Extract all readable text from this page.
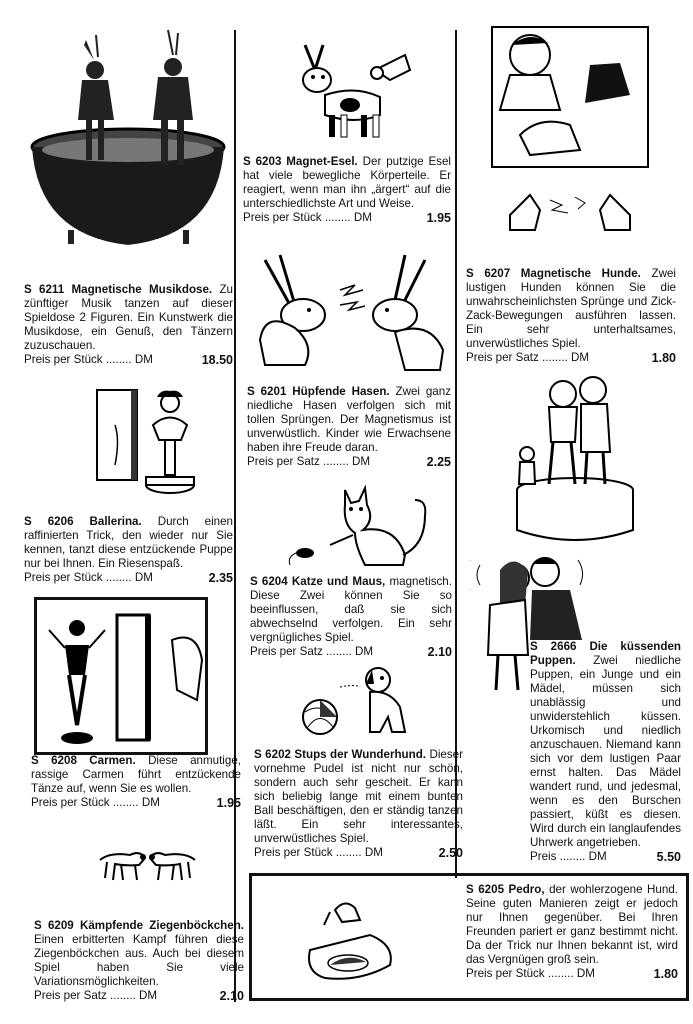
S 6211 Magnetische Musikdose. Zu zünftiger Musik tanzen auf dieser Spieldose 2 Figuren. Ein Kunstwerk die Musikdose, ein Genuß, den Tänzern zuzuschauen.
Preis per Stück ........ DM	18.50
S 6206 Ballerina. Durch einen raffinierten Trick, den wieder nur Sie kennen, tanzt diese entzückende Puppe nur bei Ihnen. Ein Riesenspaß.
Preis per Stück ........ DM	2.35
S 6208 Carmen. Diese anmutige, rassige Carmen führt entzückende Tänze auf, wenn Sie es wollen.
Preis per Stück ........ DM	1.95
S 6209 Kämpfende Ziegenböckchen. Einen erbitterten Kampf führen diese Ziegenböckchen aus. Auch bei diesem Spiel haben Sie viele Variationsmöglichkeiten.
Preis per Satz ........ DM	2.10
S 6203 Magnet-Esel. Der putzige Esel hat viele bewegliche Körperteile. Er reagiert, wenn man ihn „ärgert“ auf die unterschiedlichste Art und Weise.
Preis per Stück ........ DM	1.95
S 6201 Hüpfende Hasen. Zwei ganz niedliche Hasen verfolgen sich mit tollen Sprüngen. Der Magnetismus ist unverwüstlich. Kinder wie Erwachsene haben ihre Freude daran.
Preis per Satz ........ DM	2.25
S 6204 Katze und Maus, magnetisch. Diese Zwei können Sie so beeinflussen, daß sie sich abwechselnd verfolgen. Ein sehr vergnügliches Spiel.
Preis per Satz ........ DM	2.10
S 6202 Stups der Wunderhund. Dieser vornehme Pudel ist nicht nur schön, sondern auch sehr gescheit. Er kann sich beliebig lange mit einem bunten Ball beschäftigen, den er ständig tanzen läßt. Ein sehr interessantes, unverwüstliches Spiel.
Preis per Stück ........ DM	2.50
S 6207 Magnetische Hunde. Zwei lustigen Hunden können Sie die unwahrscheinlichsten Sprünge und Zick-Zack-Bewegungen ausführen lassen. Ein sehr unterhaltsames, unverwüstliches Spiel.
Preis per Satz ........ DM	1.80
S 2666 Die küssenden Puppen. Zwei niedliche Puppen, ein Junge und ein Mädel, müssen sich unablässig und unwiderstehlich küssen. Urkomisch und niedlich anzuschauen. Niemand kann sich vor dem lustigen Paar ernst halten. Das Mädel wandert rund, und jedesmal, wenn es den Burschen passiert, küßt es diesen. Wird durch ein langlaufendes Uhrwerk angetrieben.
Preis ........ DM	5.50
S 6205 Pedro, der wohlerzogene Hund. Seine guten Manieren zeigt er jedoch nur Ihnen gegenüber. Bei Ihren Freunden pariert er ganz bestimmt nicht. Da der Trick nur Ihnen bekannt ist, wird das Vergnügen groß sein.
Preis per Stück ........ DM	1.80
